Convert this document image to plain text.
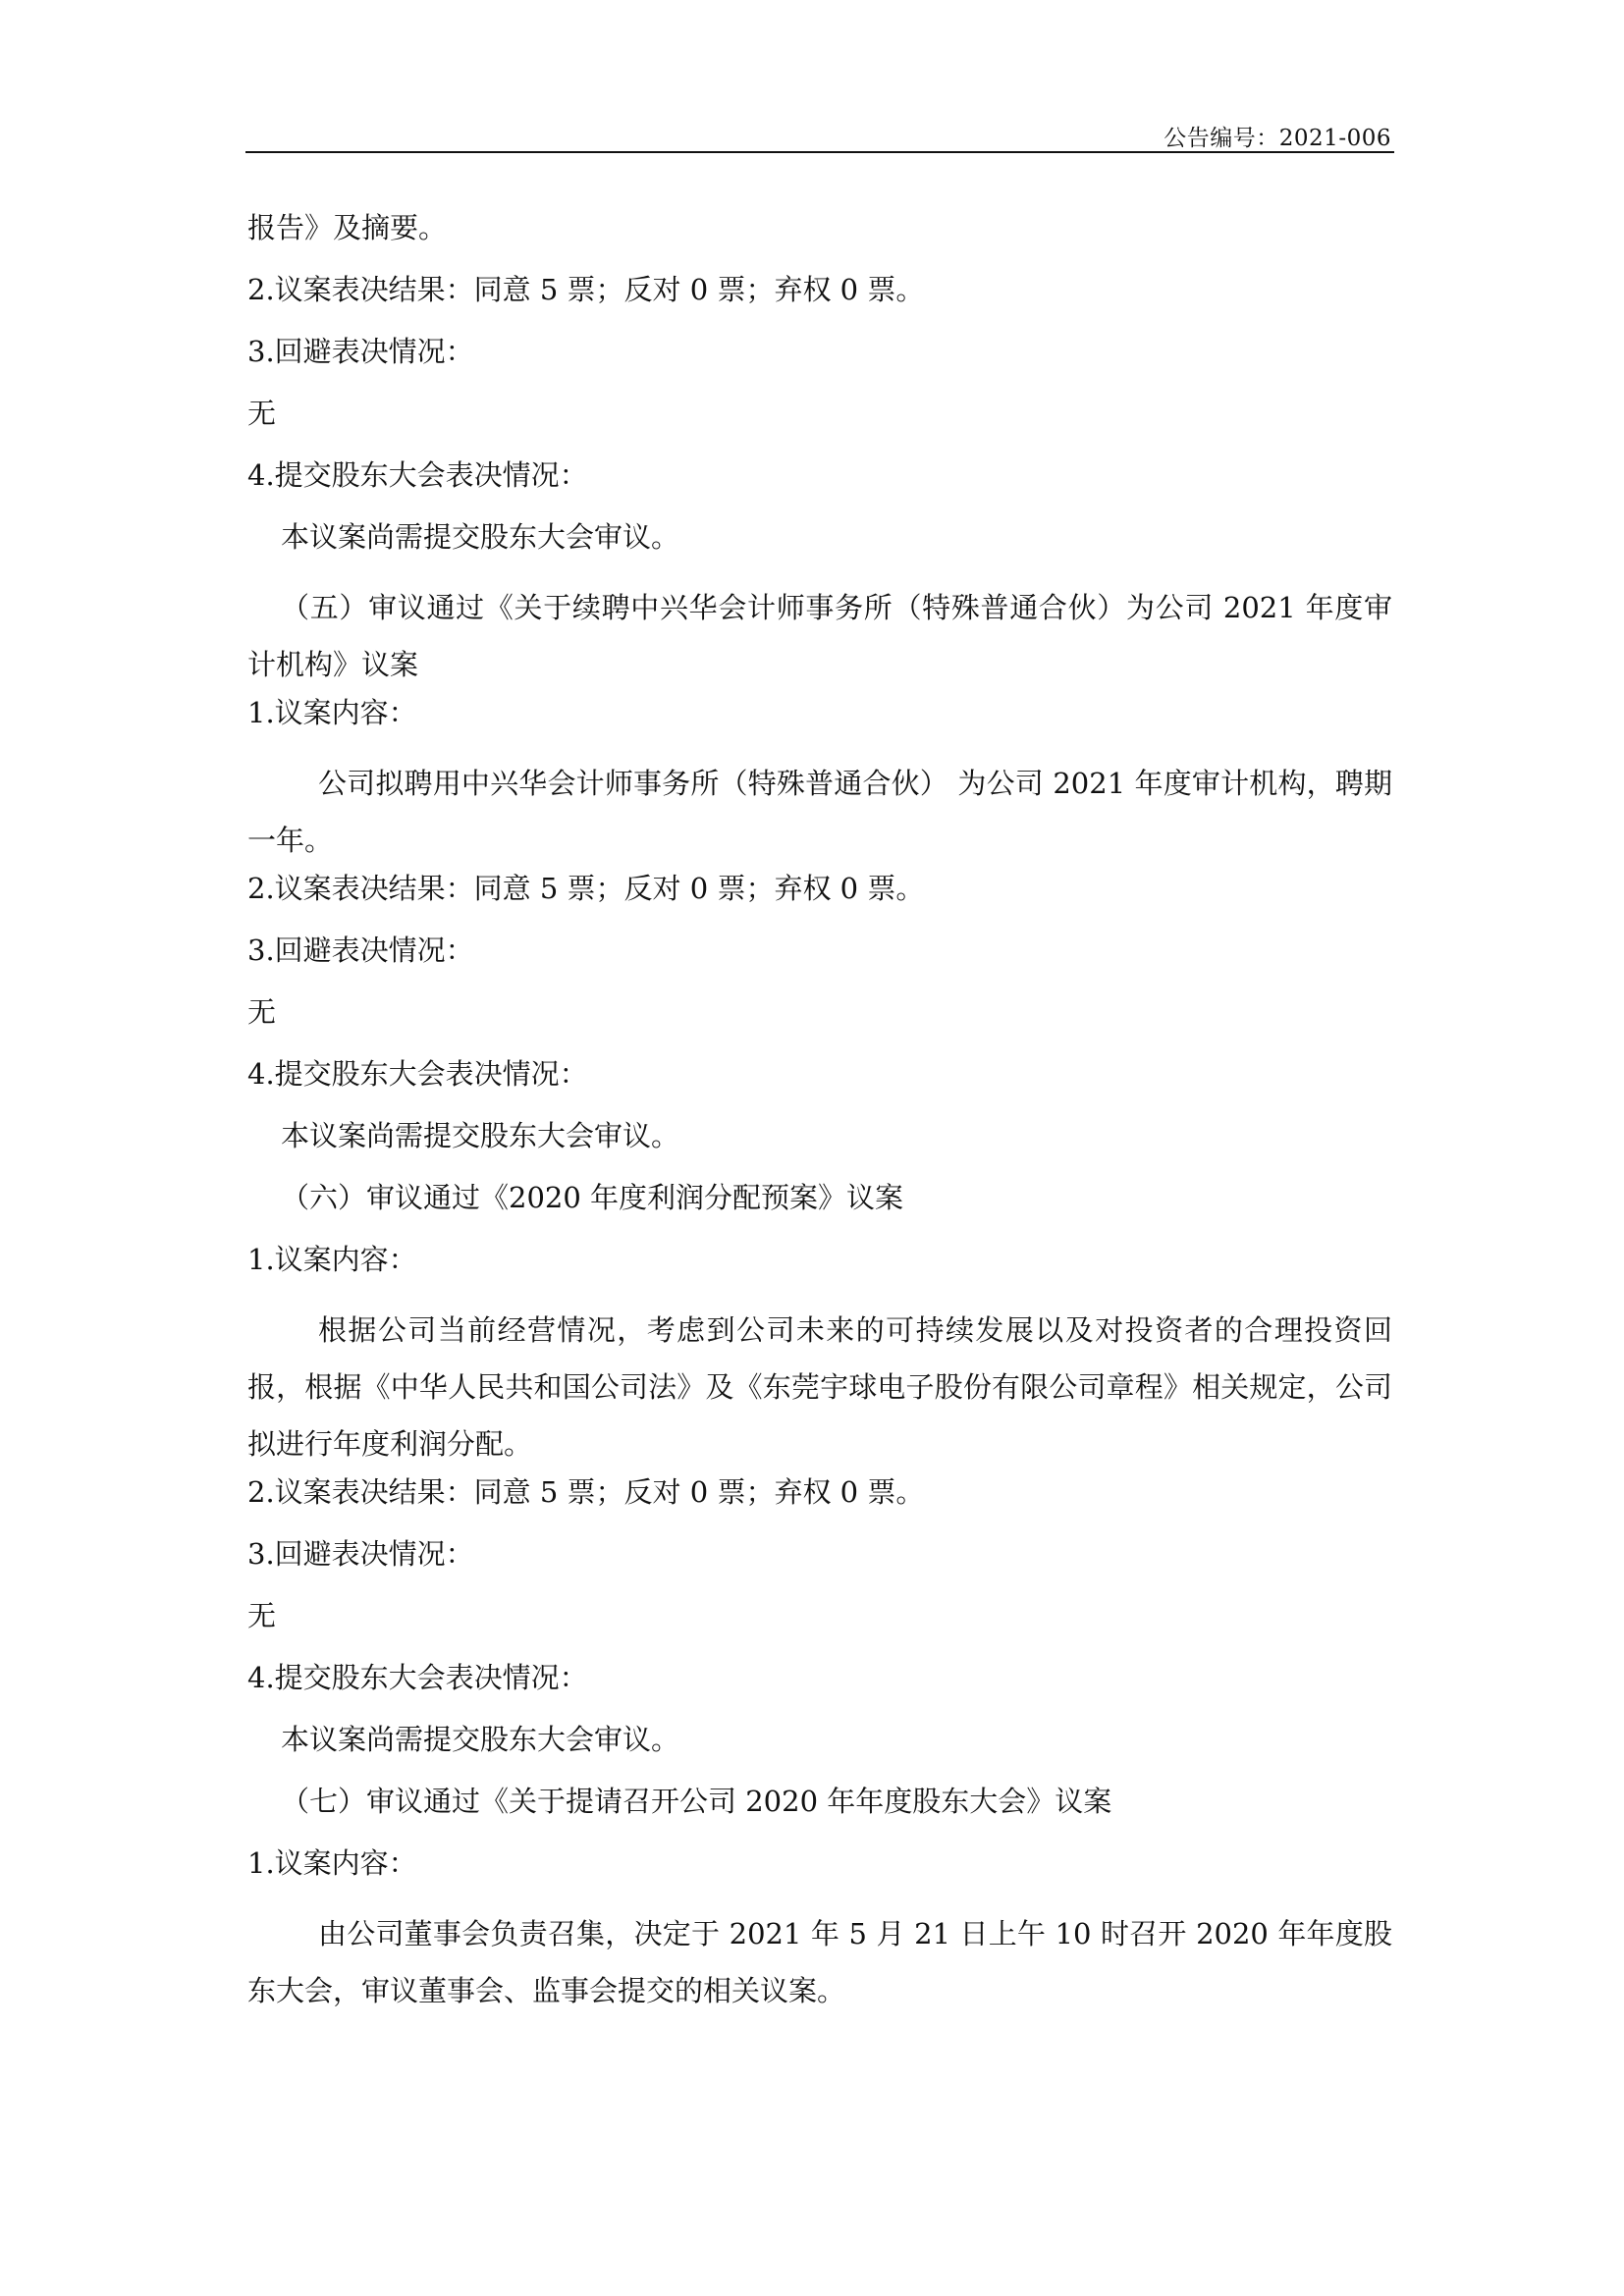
公告编号：2021-006
报告》及摘要。
2.议案表决结果：同意 5 票；反对 0 票；弃权 0 票。
3.回避表决情况：
无
4.提交股东大会表决情况：
本议案尚需提交股东大会审议。
（五）审议通过《关于续聘中兴华会计师事务所（特殊普通合伙）为公司 2021 年度审计机构》议案
1.议案内容：
公司拟聘用中兴华会计师事务所（特殊普通合伙） 为公司 2021 年度审计机构，聘期一年。
2.议案表决结果：同意 5 票；反对 0 票；弃权 0 票。
3.回避表决情况：
无
4.提交股东大会表决情况：
本议案尚需提交股东大会审议。
（六）审议通过《2020 年度利润分配预案》议案
1.议案内容：
根据公司当前经营情况，考虑到公司未来的可持续发展以及对投资者的合理投资回报，根据《中华人民共和国公司法》及《东莞宇球电子股份有限公司章程》相关规定，公司拟进行年度利润分配。
2.议案表决结果：同意 5 票；反对 0 票；弃权 0 票。
3.回避表决情况：
无
4.提交股东大会表决情况：
本议案尚需提交股东大会审议。
（七）审议通过《关于提请召开公司 2020 年年度股东大会》议案
1.议案内容：
由公司董事会负责召集，决定于 2021 年 5 月 21 日上午 10 时召开 2020 年年度股东大会，审议董事会、监事会提交的相关议案。
